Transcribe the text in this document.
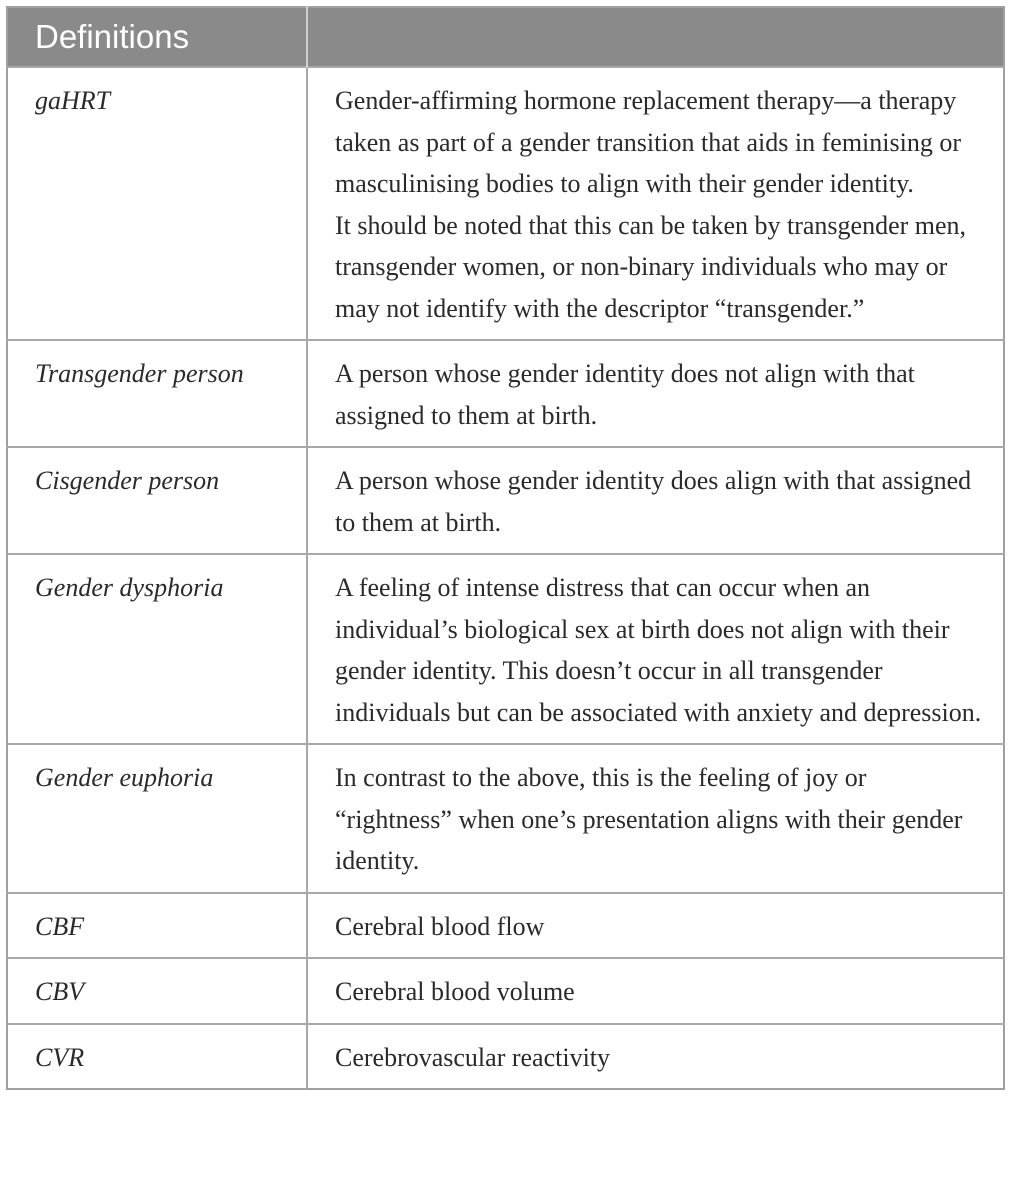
Definitions	
gaHRT	Gender-affirming hormone replacement therapy—a therapy taken as part of a gender transition that aids in feminising or masculinising bodies to align with their gender identity.

It should be noted that this can be taken by transgender men, transgender women, or non-binary individuals who may or may not identify with the descriptor “transgender.”

Transgender person	A person whose gender identity does not align with that assigned to them at birth.

Cisgender person	A person whose gender identity does align with that assigned to them at birth.

Gender dysphoria	A feeling of intense distress that can occur when an individual’s biological sex at birth does not align with their gender identity. This doesn’t occur in all transgender individuals but can be associated with anxiety and depression.

Gender euphoria	In contrast to the above, this is the feeling of joy or “rightness” when one’s presentation aligns with their gender identity.

CBF	Cerebral blood flow

CBV	Cerebral blood volume

CVR	Cerebrovascular reactivity
